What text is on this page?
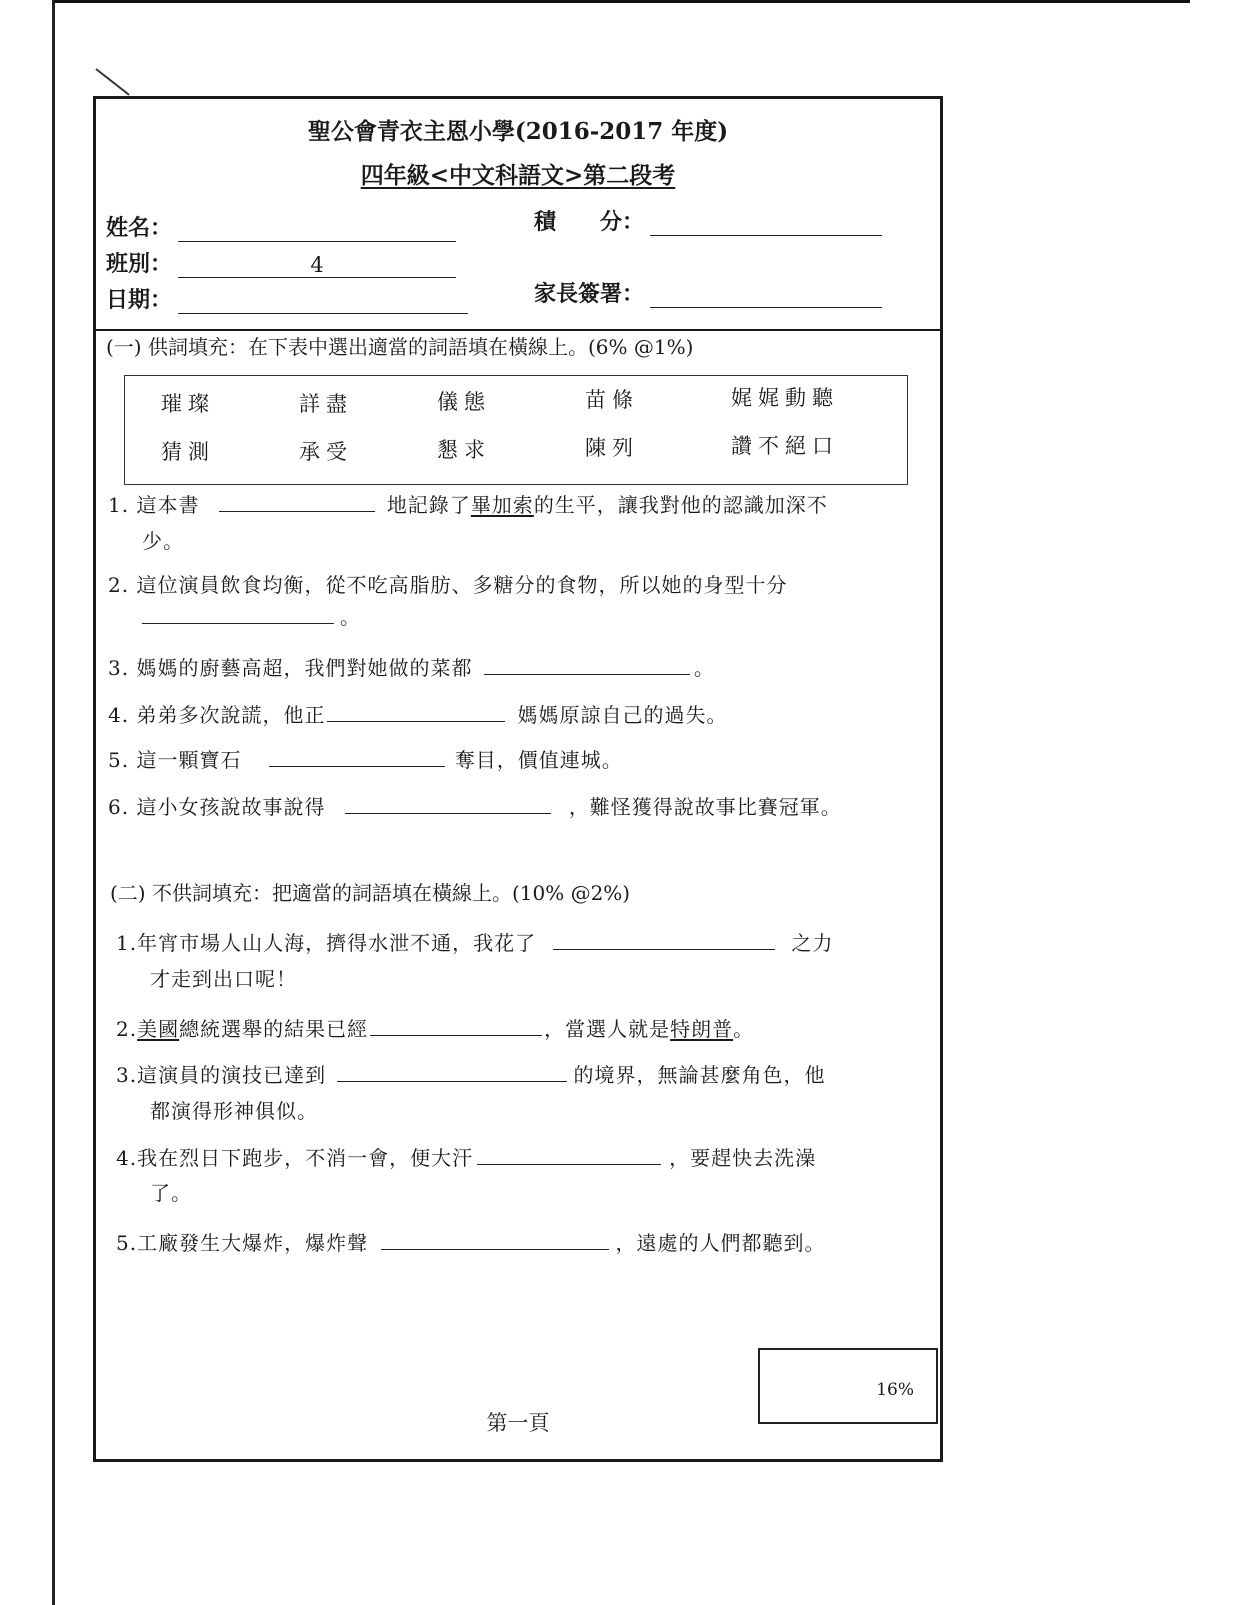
聖公會青衣主恩小學(2016-2017 年度)
四年級<中文科語文>第二段考
姓名：
班別：	4
日期：
積　　分：
家長簽署：
(一) 供詞填充：在下表中選出適當的詞語填在橫線上。(6% @1%)
璀璨	詳盡	儀態	苗條	娓娓動聽
猜測	承受	懇求	陳列	讚不絕口
1. 這本書	地記錄了畢加索的生平，讓我對他的認識加深不
少。
2. 這位演員飲食均衡，從不吃高脂肪、多糖分的食物，所以她的身型十分
。
3. 媽媽的廚藝高超，我們對她做的菜都	。
4. 弟弟多次說謊，他正	媽媽原諒自己的過失。
5. 這一顆寶石	奪目，價值連城。
6. 這小女孩說故事說得	，難怪獲得說故事比賽冠軍。
(二) 不供詞填充：把適當的詞語填在橫線上。(10% @2%)
1.年宵市場人山人海，擠得水泄不通，我花了	之力
才走到出口呢！
2.美國總統選舉的結果已經	，當選人就是特朗普。
3.這演員的演技已達到	的境界，無論甚麼角色，他
都演得形神俱似。
4.我在烈日下跑步，不消一會，便大汗	，要趕快去洗澡
了。
5.工廠發生大爆炸，爆炸聲	，遠處的人們都聽到。
第一頁
16%
